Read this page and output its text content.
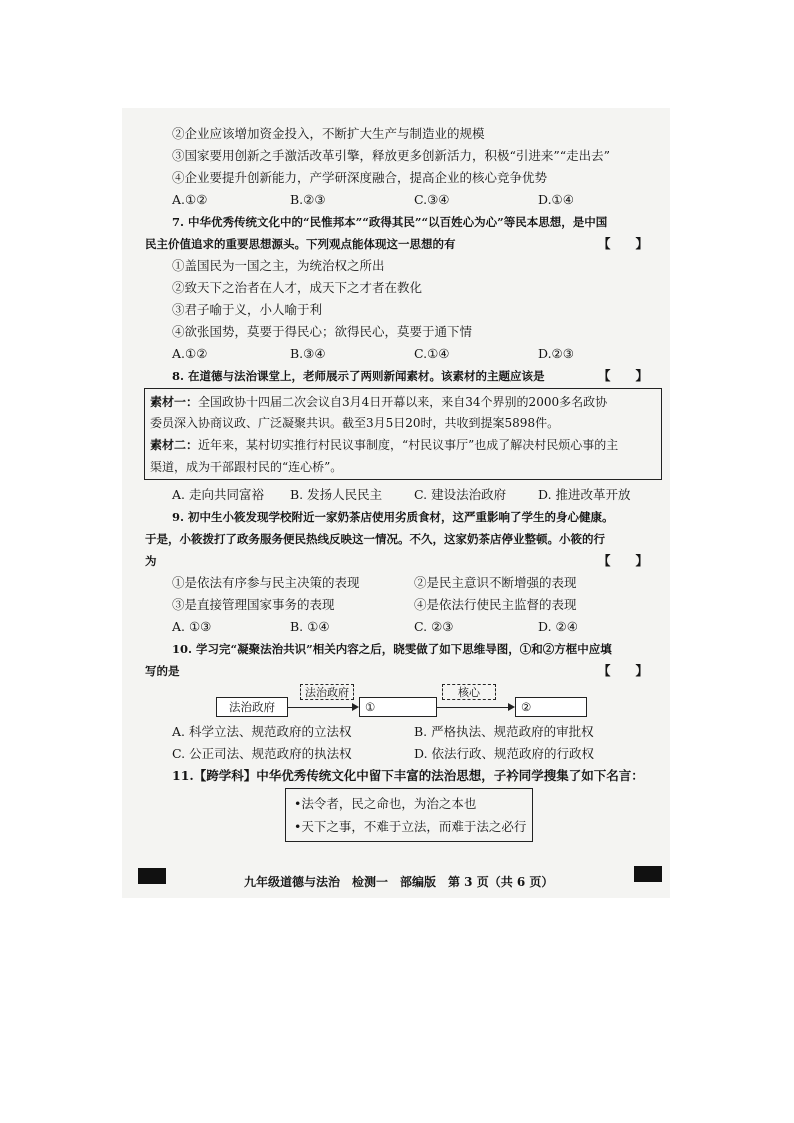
②企业应该增加资金投入，不断扩大生产与制造业的规模
③国家要用创新之手激活改革引擎，释放更多创新活力，积极“引进来”“走出去”
④企业要提升创新能力，产学研深度融合，提高企业的核心竞争优势
A.①②	B.②③	C.③④	D.①④
7. 中华优秀传统文化中的“民惟邦本”“政得其民”“以百姓心为心”等民本思想，是中国
民主价值追求的重要思想源头。下列观点能体现这一思想的有	【　　】
①盖国民为一国之主，为统治权之所出
②致天下之治者在人才，成天下之才者在教化
③君子喻于义，小人喻于利
④欲张国势，莫要于得民心；欲得民心，莫要于通下情
A.①②	B.③④	C.①④	D.②③
8. 在道德与法治课堂上，老师展示了两则新闻素材。该素材的主题应该是	【　　】
素材一：全国政协十四届二次会议自3月4日开幕以来，来自34个界别的2000多名政协
委员深入协商议政、广泛凝聚共识。截至3月5日20时，共收到提案5898件。
素材二：近年来，某村切实推行村民议事制度，“村民议事厅”也成了解决村民烦心事的主
渠道，成为干部跟村民的“连心桥”。
A. 走向共同富裕 B. 发扬人民民主	C. 建设法治政府	D. 推进改革开放
9. 初中生小筱发现学校附近一家奶茶店使用劣质食材，这严重影响了学生的身心健康。
于是，小筱拨打了政务服务便民热线反映这一情况。不久，这家奶茶店停业整顿。小筱的行
为	【　　】
①是依法有序参与民主决策的表现	②是民主意识不断增强的表现
③是直接管理国家事务的表现	④是依法行使民主监督的表现
A. ①③	B. ①④	C. ②③	D. ②④
10. 学习完“凝聚法治共识”相关内容之后，晓雯做了如下思维导图，①和②方框中应填
写的是	【　　】
法治政府
法治政府
①
核心
②
A. 科学立法、规范政府的立法权	B. 严格执法、规范政府的审批权
C. 公正司法、规范政府的执法权	D. 依法行政、规范政府的行政权
11.【跨学科】中华优秀传统文化中留下丰富的法治思想，子衿同学搜集了如下名言：
•法令者，民之命也，为治之本也
•天下之事，不难于立法，而难于法之必行
九年级道德与法治　检测一　部编版　第 3 页（共 6 页）
